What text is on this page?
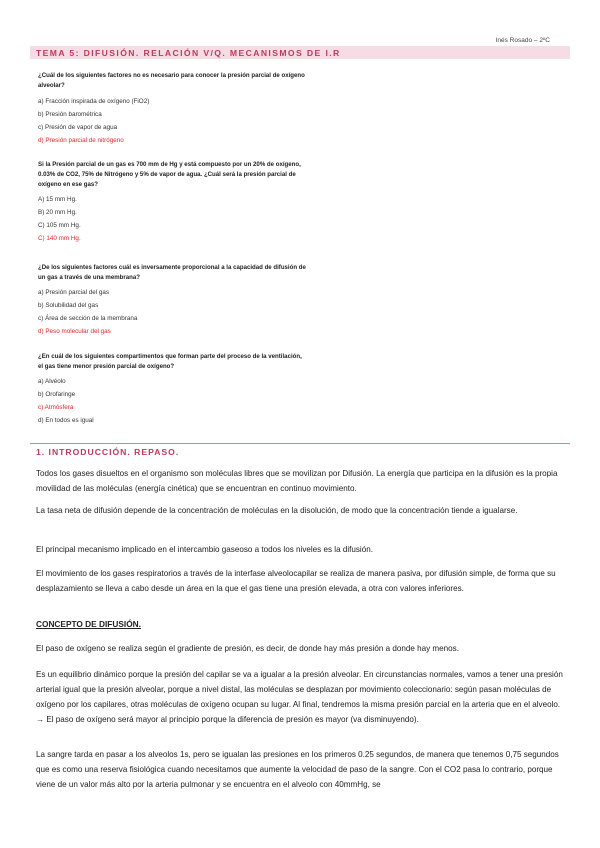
Inés Rosado – 2ºC
TEMA 5: DIFUSIÓN. RELACIÓN V/Q. MECANISMOS DE I.R
¿Cuál de los siguientes factores no es necesario para conocer la presión parcial de oxígeno alveolar?
a) Fracción inspirada de oxígeno (FiO2)
b) Presión barométrica
c) Presión de vapor de agua
d) Presión parcial de nitrógeno
Si la Presión parcial de un gas es 700 mm de Hg y está compuesto por un 20% de oxígeno, 0.03% de CO2, 75% de Nitrógeno y 5% de vapor de agua. ¿Cuál será la presión parcial de oxígeno en ese gas?
A) 15 mm Hg.
B) 20 mm Hg.
C) 105 mm Hg.
C) 140 mm Hg.
¿De los siguientes factores cuál es inversamente proporcional a la capacidad de difusión de un gas a través de una membrana?
a) Presión parcial del gas
b) Solubilidad del gas
c) Área de sección de la membrana
d) Peso molecular del gas
¿En cuál de los siguientes compartimentos que forman parte del proceso de la ventilación, el gas tiene menor presión parcial de oxígeno?
a) Alvéolo
b) Orofaringe
c) Atmósfera
d) En todos es igual
1. INTRODUCCIÓN. REPASO.
Todos los gases disueltos en el organismo son moléculas libres que se movilizan por Difusión. La energía que participa en la difusión es la propia movilidad de las moléculas (energía cinética) que se encuentran en continuo movimiento.
La tasa neta de difusión depende de la concentración de moléculas en la disolución, de modo que la concentración tiende a igualarse.
El principal mecanismo implicado en el intercambio gaseoso a todos los niveles es la difusión.
El movimiento de los gases respiratorios a través de la interfase alveolocapilar se realiza de manera pasiva, por difusión simple, de forma que su desplazamiento se lleva a cabo desde un área en la que el gas tiene una presión elevada, a otra con valores inferiores.
CONCEPTO DE DIFUSIÓN.
El paso de oxígeno se realiza según el gradiente de presión, es decir, de donde hay más presión a donde hay menos.
Es un equilibrio dinámico porque la presión del capilar se va a igualar a la presión alveolar. En circunstancias normales, vamos a tener una presión arterial igual que la presión alveolar, porque a nivel distal, las moléculas se desplazan por movimiento coleccionario: según pasan moléculas de oxígeno por los capilares, otras moléculas de oxígeno ocupan su lugar. Al final, tendremos la misma presión parcial en la arteria que en el alveolo. → El paso de oxígeno será mayor al principio porque la diferencia de presión es mayor (va disminuyendo).
La sangre tarda en pasar a los alveolos 1s, pero se igualan las presiones en los primeros 0.25 segundos, de manera que tenemos 0,75 segundos que es como una reserva fisiológica cuando necesitamos que aumente la velocidad de paso de la sangre. Con el CO2 pasa lo contrario, porque viene de un valor más alto por la arteria pulmonar y se encuentra en el alveolo con 40mmHg, se
